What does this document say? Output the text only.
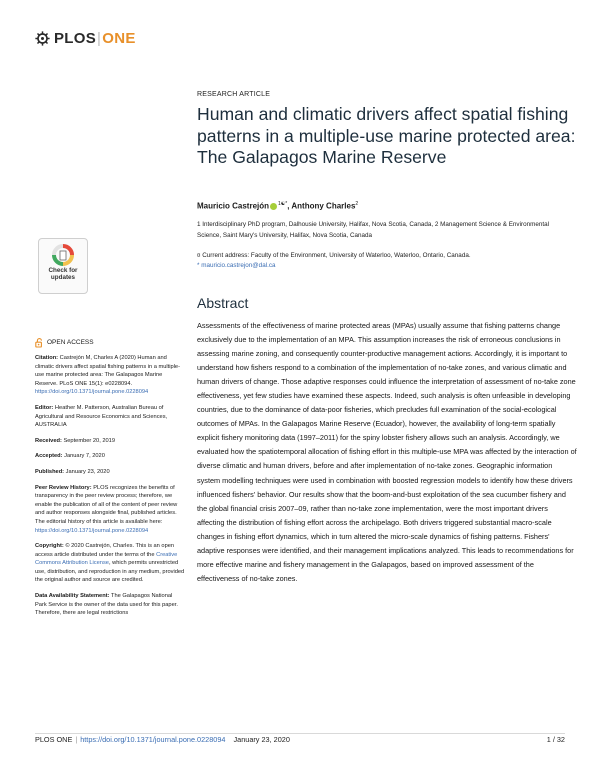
PLOS|ONE
RESEARCH ARTICLE
Human and climatic drivers affect spatial fishing patterns in a multiple-use marine protected area: The Galapagos Marine Reserve
Mauricio Castrejón $^{1☯*}$, Anthony Charles$^2$
1 Interdisciplinary PhD program, Dalhousie University, Halifax, Nova Scotia, Canada, 2 Management Science & Environmental Science, Saint Mary's University, Halifax, Nova Scotia, Canada
¤ Current address: Faculty of the Environment, University of Waterloo, Waterloo, Ontario, Canada.
* mauricio.castrejon@dal.ca
Check for
updates
OPEN ACCESS
Citation: Castrejón M, Charles A (2020) Human and climatic drivers affect spatial fishing patterns in a multiple-use marine protected area: The Galapagos Marine Reserve. PLoS ONE 15(1): e0228094. https://doi.org/10.1371/journal.pone.0228094
Editor: Heather M. Patterson, Australian Bureau of Agricultural and Resource Economics and Sciences, AUSTRALIA
Received: September 20, 2019
Accepted: January 7, 2020
Published: January 23, 2020
Peer Review History: PLOS recognizes the benefits of transparency in the peer review process; therefore, we enable the publication of all of the content of peer review and author responses alongside final, published articles. The editorial history of this article is available here: https://doi.org/10.1371/journal.pone.0228094
Copyright: © 2020 Castrejón, Charles. This is an open access article distributed under the terms of the Creative Commons Attribution License, which permits unrestricted use, distribution, and reproduction in any medium, provided the original author and source are credited.
Data Availability Statement: The Galapagos National Park Service is the owner of the data used for this paper. Therefore, there are legal restrictions
Abstract

Assessments of the effectiveness of marine protected areas (MPAs) usually assume that fishing patterns change exclusively due to the implementation of an MPA. This assumption increases the risk of erroneous conclusions in assessing marine zoning, and consequently counter-productive management actions. Accordingly, it is important to understand how fishers respond to a combination of the implementation of no-take zones, and various climatic and human drivers of change. Those adaptive responses could influence the interpretation of assessment of no-take zone effectiveness, yet few studies have examined these aspects. Indeed, such analysis is often unfeasible in developing countries, due to the dominance of data-poor fisheries, which precludes full examination of the social-ecological outcomes of MPAs. In the Galapagos Marine Reserve (Ecuador), however, the availability of long-term spatially explicit fishery monitoring data (1997–2011) for the spiny lobster fishery allows such an analysis. Accordingly, we evaluated how the spatiotemporal allocation of fishing effort in this multiple-use MPA was affected by the interaction of diverse climatic and human drivers, before and after implementation of no-take zones. Geographic information system modelling techniques were used in combination with boosted regression models to identify how these drivers influenced fishers' behavior. Our results show that the boom-and-bust exploitation of the sea cucumber fishery and the global financial crisis 2007–09, rather than no-take zone implementation, were the most important drivers affecting the distribution of fishing effort across the archipelago. Both drivers triggered substantial macro-scale changes in fishing effort dynamics, which in turn altered the micro-scale dynamics of fishing patterns. Fishers' adaptive responses were identified, and their management implications analyzed. This leads to recommendations for more effective marine and fishery management in the Galapagos, based on improved assessment of the effectiveness of no-take zones.

PLOS ONE | https://doi.org/10.1371/journal.pone.0228094 January 23, 2020	1 / 32
